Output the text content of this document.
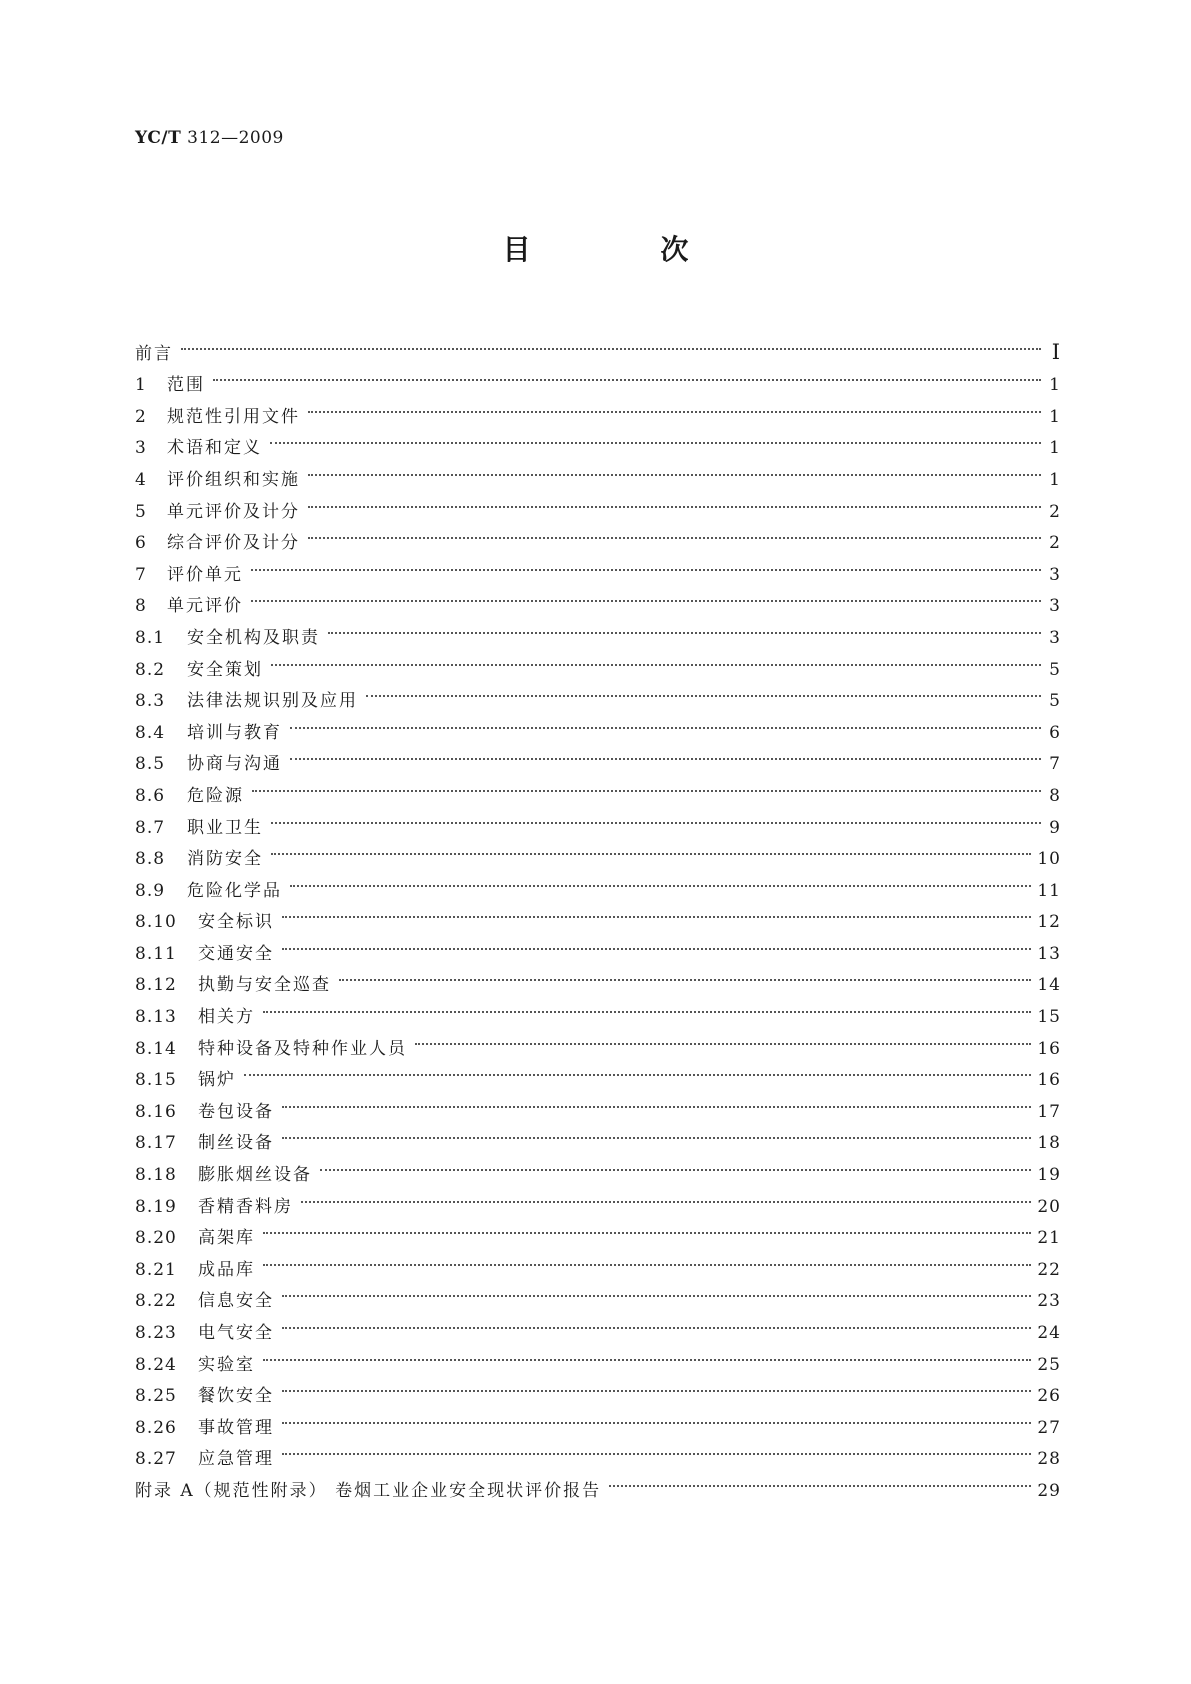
YC/T 312—2009
目 次
前言	Ⅰ
1	范围	1
2	规范性引用文件	1
3	术语和定义	1
4	评价组织和实施	1
5	单元评价及计分	2
6	综合评价及计分	2
7	评价单元	3
8	单元评价	3
8.1	安全机构及职责	3
8.2	安全策划	5
8.3	法律法规识别及应用	5
8.4	培训与教育	6
8.5	协商与沟通	7
8.6	危险源	8
8.7	职业卫生	9
8.8	消防安全	10
8.9	危险化学品	11
8.10	安全标识	12
8.11	交通安全	13
8.12	执勤与安全巡查	14
8.13	相关方	15
8.14	特种设备及特种作业人员	16
8.15	锅炉	16
8.16	卷包设备	17
8.17	制丝设备	18
8.18	膨胀烟丝设备	19
8.19	香精香料房	20
8.20	高架库	21
8.21	成品库	22
8.22	信息安全	23
8.23	电气安全	24
8.24	实验室	25
8.25	餐饮安全	26
8.26	事故管理	27
8.27	应急管理	28
附录 A（规范性附录） 卷烟工业企业安全现状评价报告	29
